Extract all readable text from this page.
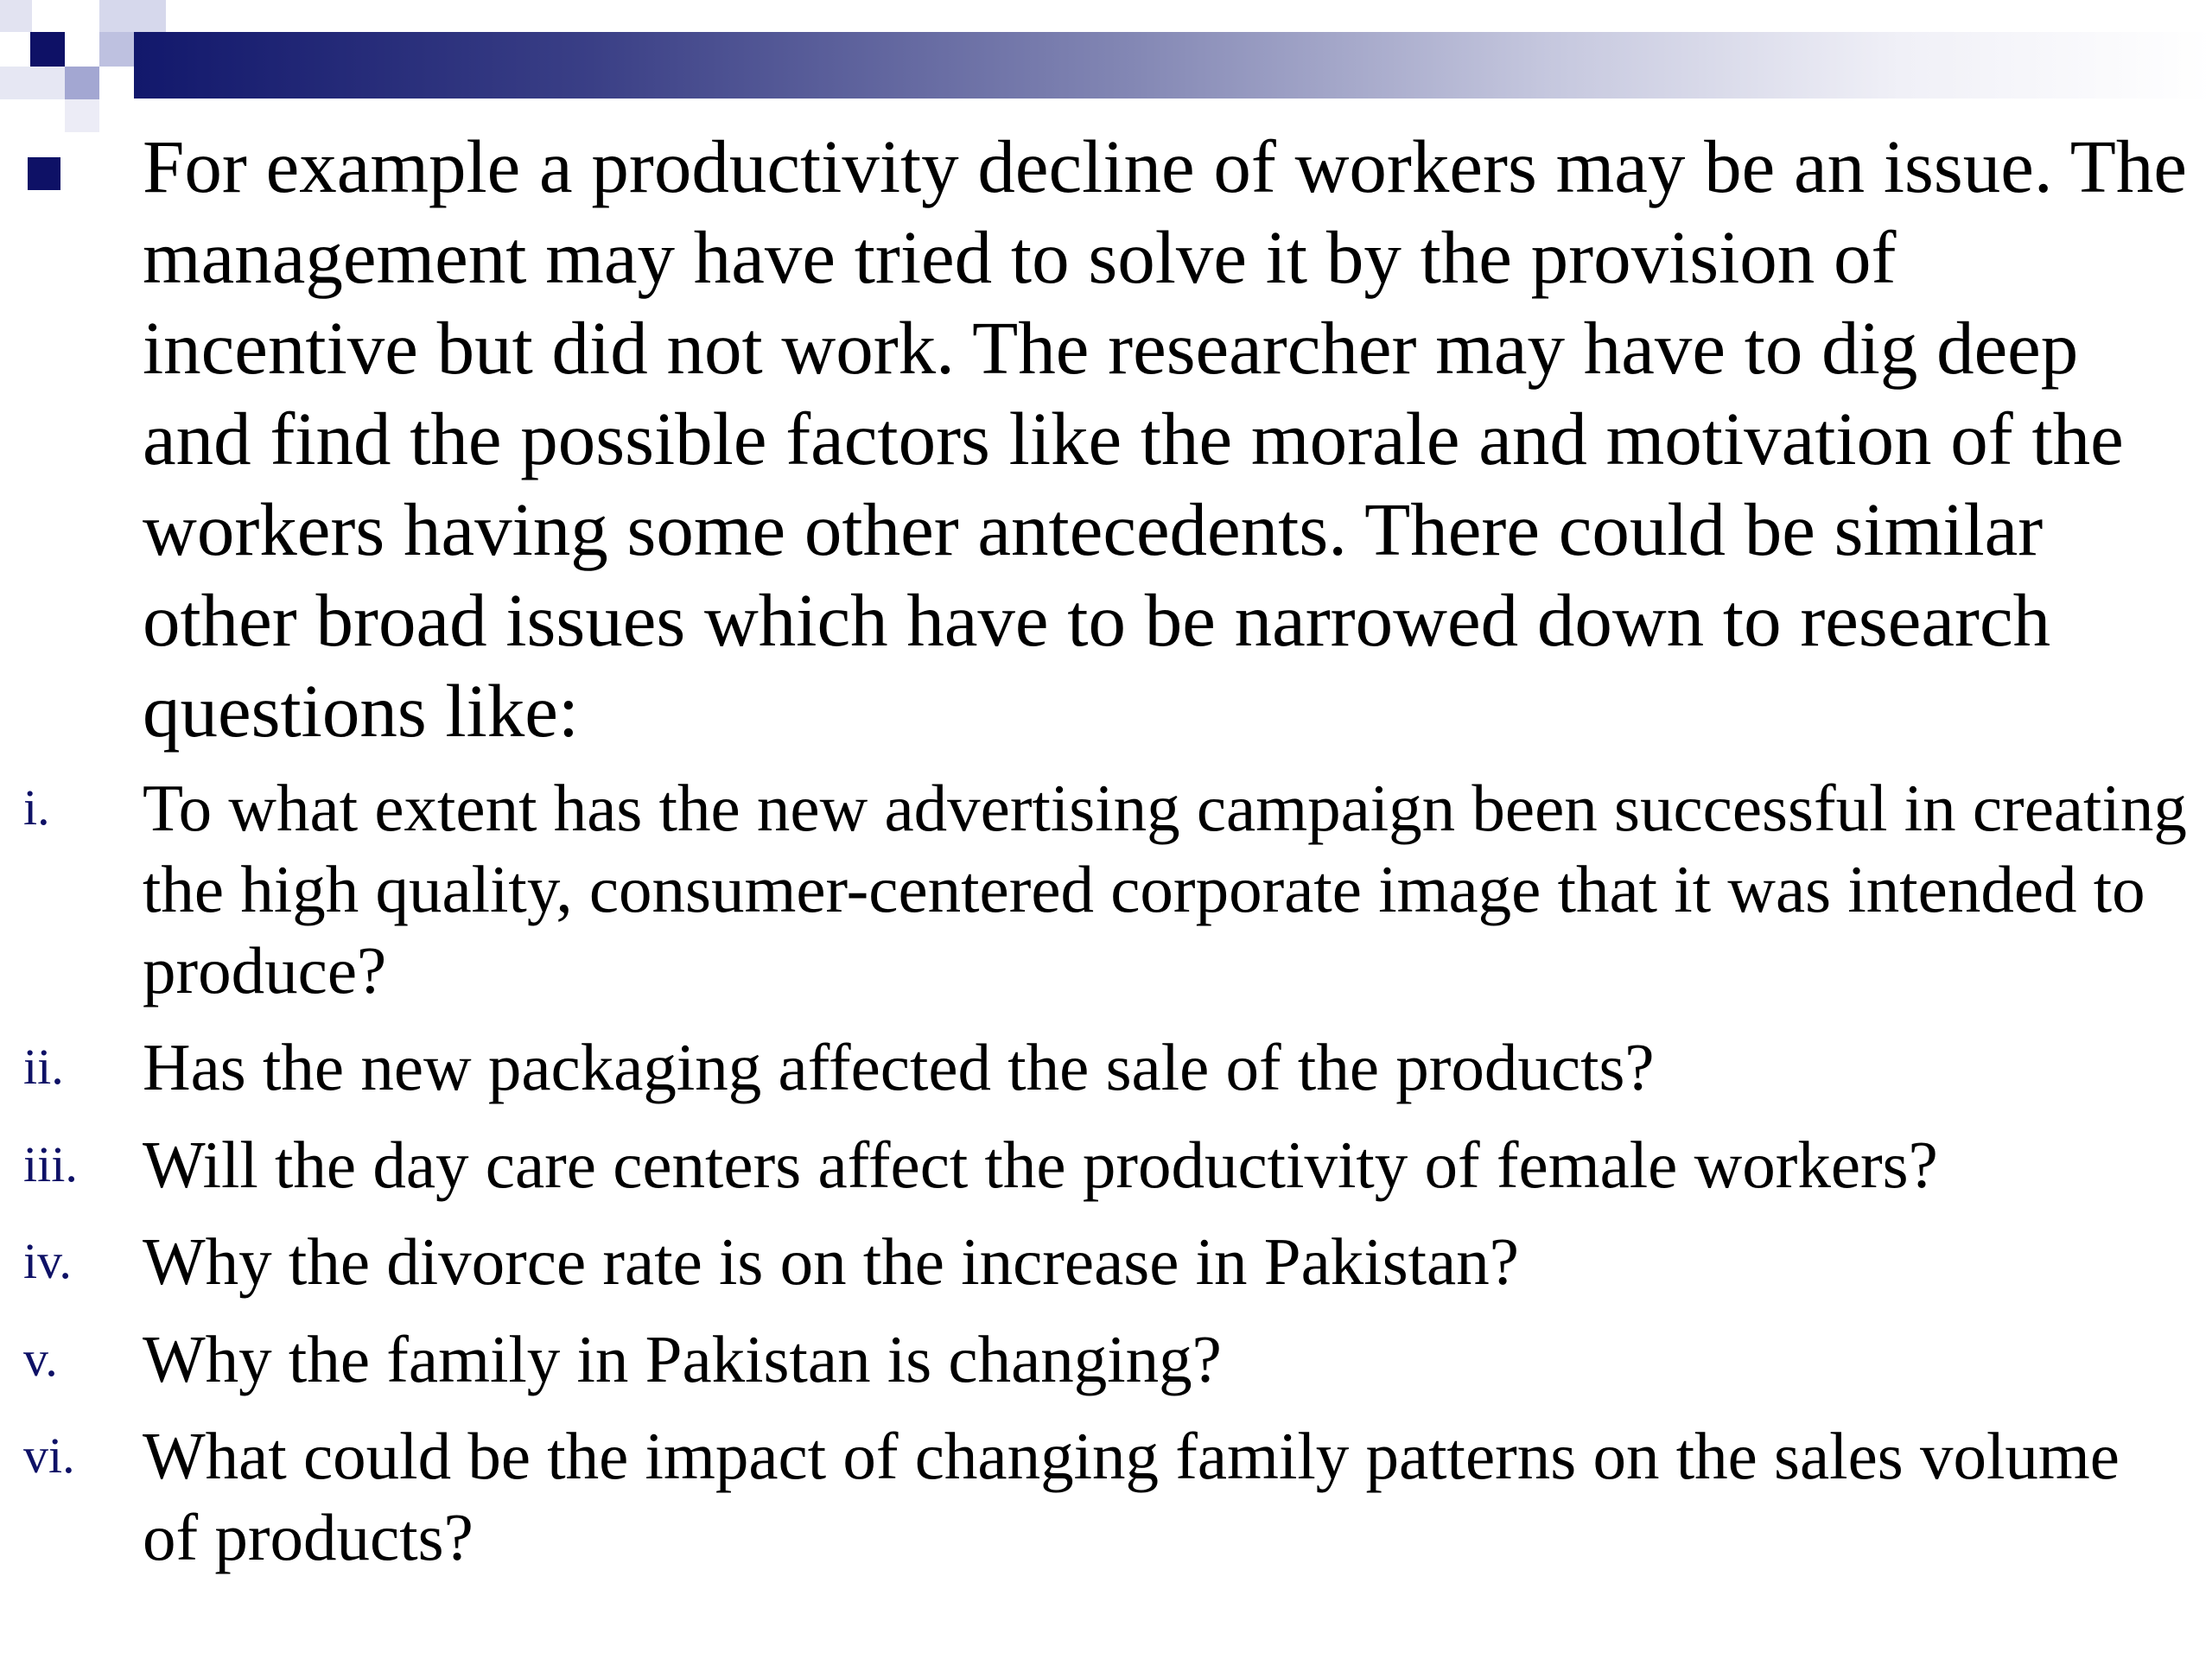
For example a productivity decline of workers may be an issue. The management may have tried to solve it by the provision of incentive but did not work. The researcher may have to dig deep and find the possible factors like the morale and motivation of the workers having some other antecedents. There could be similar other broad issues which have to be narrowed down to research questions like:

i. To what extent has the new advertising campaign been successful in creating the high quality, consumer-centered corporate image that it was intended to produce?

ii. Has the new packaging affected the sale of the products?

iii. Will the day care centers affect the productivity of female workers?

iv. Why the divorce rate is on the increase in Pakistan?

v. Why the family in Pakistan is changing?

vi. What could be the impact of changing family patterns on the sales volume of products?
